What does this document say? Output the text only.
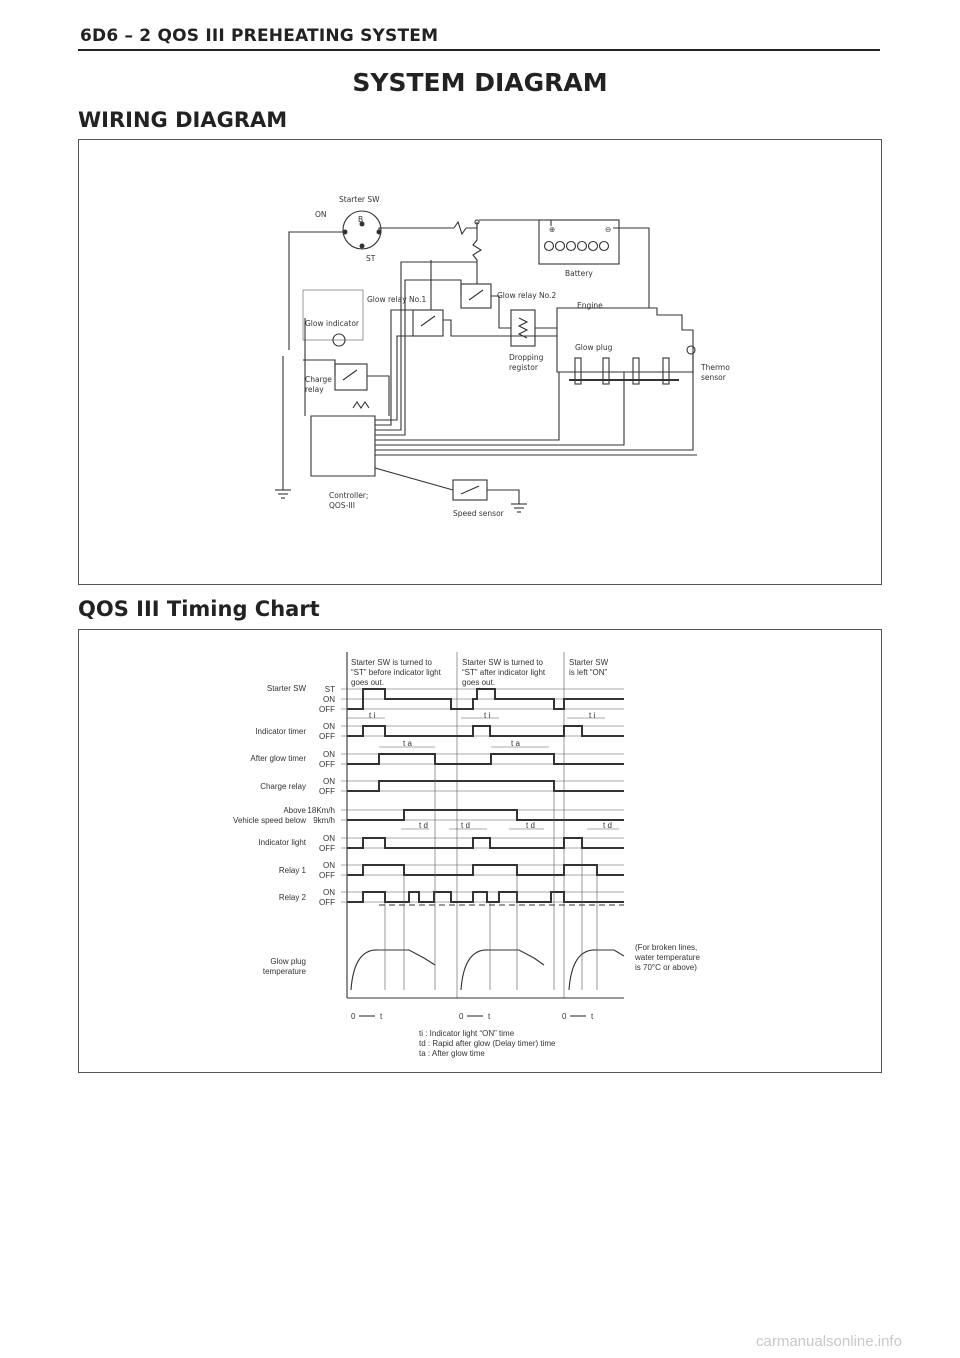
6D6 – 2 QOS III PREHEATING SYSTEM
SYSTEM DIAGRAM
WIRING DIAGRAM
Starter SW
ON
B
ST
⊕	⊖
Battery
Engine
Glow plug
Thermo
sensor
Dropping
registor
Glow relay No.2
Glow relay No.1
Glow indicator
Charge
relay
Controller;
QOS-III
Speed sensor
QOS III Timing Chart
Starter SW is turned to
“ST” before indicator light
goes out.
Starter SW is turned to
“ST” after indicator light
goes out.
Starter SW
is left “ON”
Starter SW
Indicator timer
After glow timer
Charge relay
Above
Vehicle speed below
Indicator light
Relay 1
Relay 2
Glow plug
temperature
ST
ON
OFF
ON
OFF
ON
OFF
ON
OFF
18Km/h
9km/h
ON
OFF
ON
OFF
ON
OFF
t i	t i	t i
t a	t a
t d	t d	t d	t d
(For broken lines,
water temperature
is 70°C or above)
0	t	0	t	0	t
ti : Indicator light “ON” time
td : Rapid after glow (Delay timer) time
ta : After glow time
carmanualsonline.info
